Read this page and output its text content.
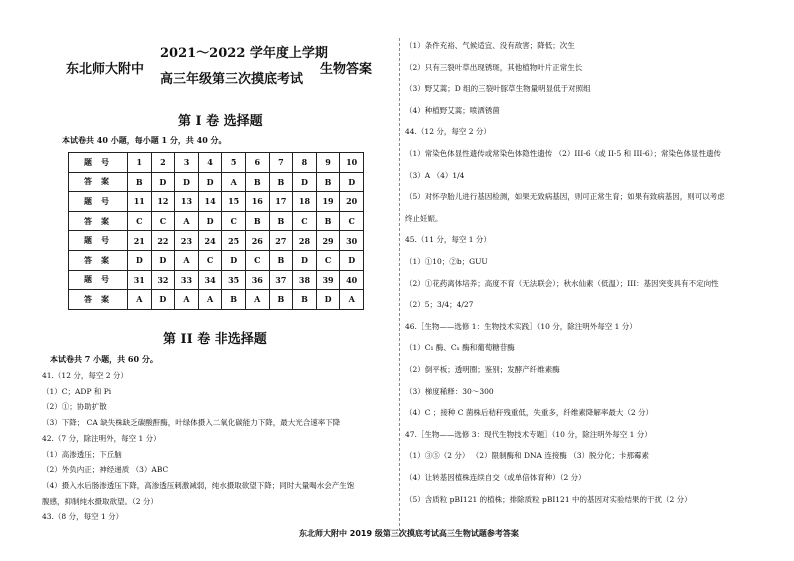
东北师大附中
2021～2022 学年度上学期
高三年级第三次摸底考试
生物答案
第 I 卷 选择题
本试卷共 40 小题，每小题 1 分，共 40 分。
题号	1	2	3	4	5	6	7	8	9	10
答案	B	D	D	D	A	B	B	D	B	D
题号	11	12	13	14	15	16	17	18	19	20
答案	C	C	A	D	C	B	B	C	B	C
题号	21	22	23	24	25	26	27	28	29	30
答案	D	D	A	C	D	C	B	D	C	D
题号	31	32	33	34	35	36	37	38	39	40
答案	A	D	A	A	B	A	B	B	D	A
第 II 卷 非选择题
本试卷共 7 小题，共 60 分。
41.（12 分，每空 2 分）
（1）C；ADP 和 Pi
（2）①；协助扩散
（3）下降； CA 缺失株缺乏碳酸酐酶，叶绿体摄入二氧化碳能力下降，最大光合速率下降
42.（7 分，除注明外，每空 1 分）
（1）高渗透压；下丘脑
（2）外负内正；神经递质 （3）ABC
（4）摄入水后肠渗透压下降，高渗透压刺激减弱，纯水摄取欲望下降；同时大量喝水会产生饱
腹感，抑制纯水摄取欲望。（2 分）
43.（8 分，每空 1 分）
（1）条件充裕、气候适宜、没有敌害；降低；次生
（2）只有三裂叶草出现锈斑，其他植物叶片正常生长
（3）野艾蒿；D 组的三裂叶豚草生物量明显低于对照组
（4）种植野艾蒿；喷洒锈菌
44.（12 分，每空 2 分）
（1）常染色体显性遗传或常染色体隐性遗传 （2）III-6（或 II-5 和 III-6）；常染色体显性遗传
（3）A （4）1/4
（5）对怀孕胎儿进行基因检测，如果无致病基因，则可正常生育；如果有致病基因，则可以考虑
终止妊娠。
45.（11 分，每空 1 分）
（1）①10；②b；GUU
（2）①花药离体培养；高度不育（无法联会）；秋水仙素（低温）；III：基因突变具有不定向性
（2）5；3/4；4/27
46.［生物——选修 1：生物技术实践］（10 分，除注明外每空 1 分）
（1）C₁ 酶、Cₓ 酶和葡萄糖苷酶
（2）倒平板；透明圈；鉴别；发酵产纤维素酶
（3）梯度稀释：30～300
（4）C ；接种 C 菌株后秸秆残重低，失重多，纤维素降解率最大（2 分）
47.［生物——选修 3：现代生物技术专题］（10 分，除注明外每空 1 分）
（1）③⑤（2 分） （2）限制酶和 DNA 连接酶 （3）脱分化；卡那霉素
（4）让转基因植株连续自交（或单倍体育种）（2 分）
（5）含质粒 pBI121 的植株；排除质粒 pBI121 中的基因对实验结果的干扰（2 分）
东北师大附中 2019 级第三次摸底考试高三生物试题参考答案
